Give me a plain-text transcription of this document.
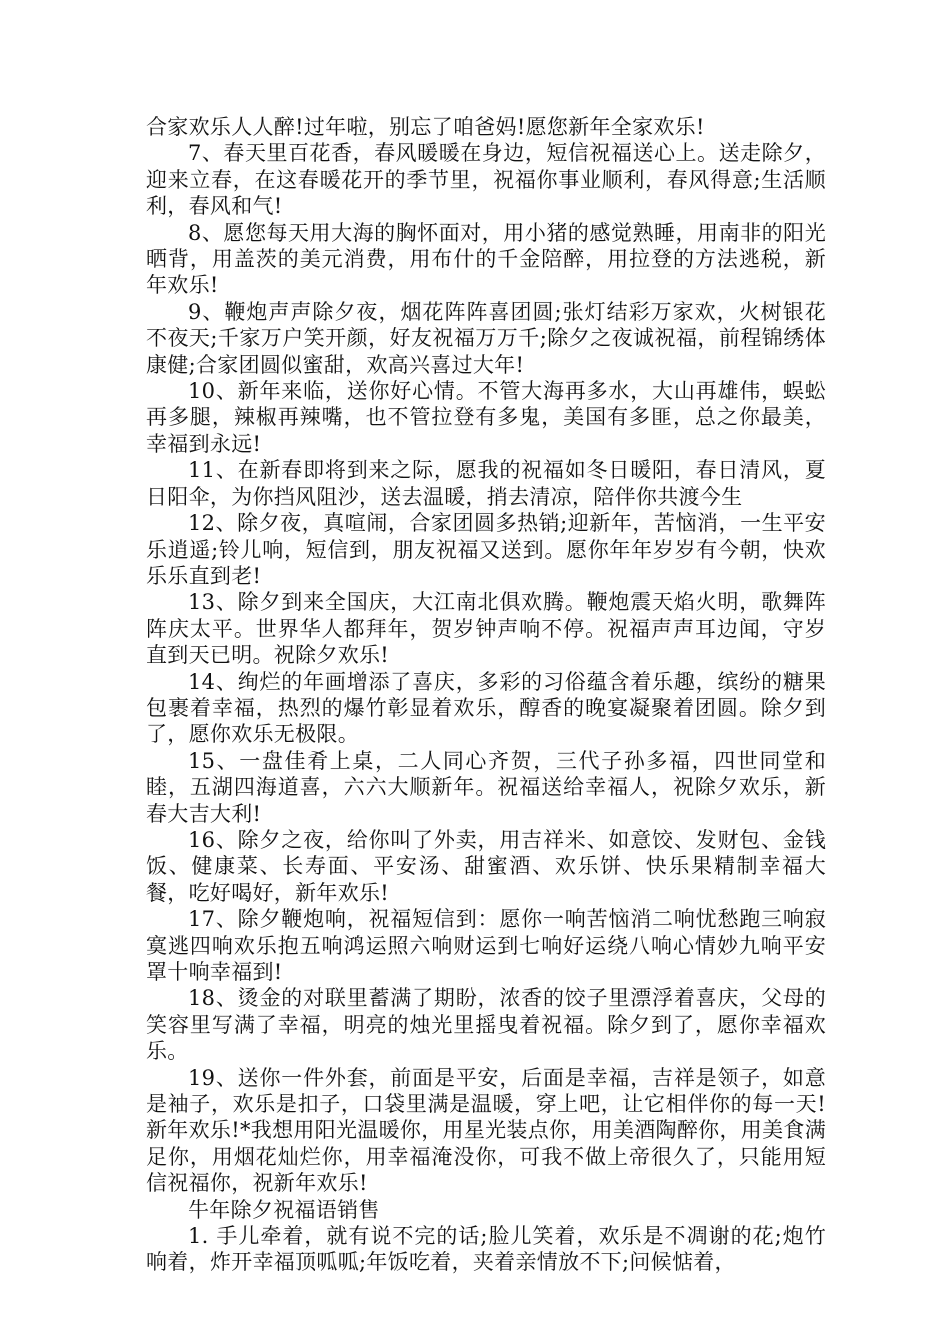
合家欢乐人人醉!过年啦，别忘了咱爸妈!愿您新年全家欢乐!

7、春天里百花香，春风暖暖在身边，短信祝福送心上。送走除夕，迎来立春，在这春暖花开的季节里，祝福你事业顺利，春风得意;生活顺利，春风和气!

8、愿您每天用大海的胸怀面对，用小猪的感觉熟睡，用南非的阳光晒背，用盖茨的美元消费，用布什的千金陪醉，用拉登的方法逃税，新年欢乐!

9、鞭炮声声除夕夜，烟花阵阵喜团圆;张灯结彩万家欢，火树银花不夜天;千家万户笑开颜，好友祝福万万千;除夕之夜诚祝福，前程锦绣体康健;合家团圆似蜜甜，欢高兴喜过大年!

10、新年来临，送你好心情。不管大海再多水，大山再雄伟，蜈蚣再多腿，辣椒再辣嘴，也不管拉登有多鬼，美国有多匪，总之你最美，幸福到永远!

11、在新春即将到来之际，愿我的祝福如冬日暖阳，春日清风，夏日阳伞，为你挡风阻沙，送去温暖，捎去清凉，陪伴你共渡今生

12、除夕夜，真喧闹，合家团圆多热销;迎新年，苦恼消，一生平安乐逍遥;铃儿响，短信到，朋友祝福又送到。愿你年年岁岁有今朝，快欢乐乐直到老!

13、除夕到来全国庆，大江南北俱欢腾。鞭炮震天焰火明，歌舞阵阵庆太平。世界华人都拜年，贺岁钟声响不停。祝福声声耳边闻，守岁直到天已明。祝除夕欢乐!

14、绚烂的年画增添了喜庆，多彩的习俗蕴含着乐趣，缤纷的糖果包裹着幸福，热烈的爆竹彰显着欢乐，醇香的晚宴凝聚着团圆。除夕到了，愿你欢乐无极限。

15、一盘佳肴上桌，二人同心齐贺，三代子孙多福，四世同堂和睦，五湖四海道喜，六六大顺新年。祝福送给幸福人，祝除夕欢乐，新春大吉大利!

16、除夕之夜，给你叫了外卖，用吉祥米、如意饺、发财包、金钱饭、健康菜、长寿面、平安汤、甜蜜酒、欢乐饼、快乐果精制幸福大餐，吃好喝好，新年欢乐!

17、除夕鞭炮响，祝福短信到：愿你一响苦恼消二响忧愁跑三响寂寞逃四响欢乐抱五响鸿运照六响财运到七响好运绕八响心情妙九响平安罩十响幸福到!

18、烫金的对联里蓄满了期盼，浓香的饺子里漂浮着喜庆，父母的笑容里写满了幸福，明亮的烛光里摇曳着祝福。除夕到了，愿你幸福欢乐。

19、送你一件外套，前面是平安，后面是幸福，吉祥是领子，如意是袖子，欢乐是扣子，口袋里满是温暖，穿上吧，让它相伴你的每一天!新年欢乐!*我想用阳光温暖你，用星光装点你，用美酒陶醉你，用美食满足你，用烟花灿烂你，用幸福淹没你，可我不做上帝很久了，只能用短信祝福你，祝新年欢乐!

牛年除夕祝福语销售

1. 手儿牵着，就有说不完的话;脸儿笑着，欢乐是不凋谢的花;炮竹响着，炸开幸福顶呱呱;年饭吃着，夹着亲情放不下;问候惦着，
